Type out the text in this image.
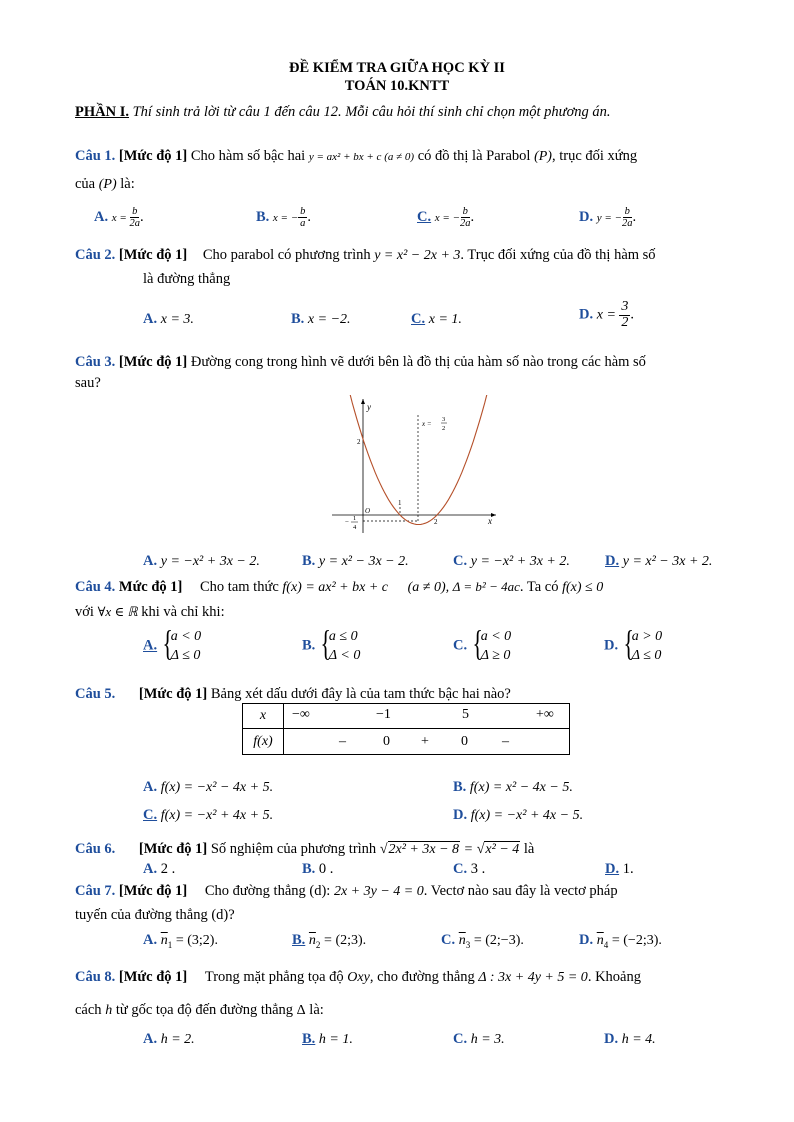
ĐỀ KIỂM TRA GIỮA HỌC KỲ II
TOÁN 10.KNTT
PHẦN I. Thí sinh trả lời từ câu 1 đến câu 12. Mỗi câu hỏi thí sinh chỉ chọn một phương án.
Câu 1. [Mức độ 1] Cho hàm số bậc hai y = ax² + bx + c (a ≠ 0) có đồ thị là Parabol (P), trục đối xứng
của (P) là:
A. $x = \frac{b}{2a}$ .	B. x = − $\frac{b}{a}$ .	C. x = − $\frac{b}{2a}$ .	D. y = − $\frac{b}{2a}$ .
Câu 2. [Mức độ 1] Cho parabol có phương trình y = x² − 2x + 3. Trục đối xứng của đồ thị hàm số
là đường thẳng
A. x = 3.	B. x = −2.	C. x = 1.	D. $x = \frac{3}{2}$ .
Câu 3. [Mức độ 1] Đường cong trong hình vẽ dưới bên là đồ thị của hàm số nào trong các hàm số
sau?
y
x
O
2
1
2
− 1
4
x =
3
2
A. y = −x² + 3x − 2.	B. y = x² − 3x − 2.	C. y = −x² + 3x + 2. D. y = x² − 3x + 2.
Câu 4. Mức độ 1] Cho tam thức f(x) = ax² + bx + c (a ≠ 0), Δ = b² − 4ac. Ta có f(x) ≤ 0
với ∀x ∈ ℝ khi và chỉ khi:
A.
{ a < 0
Δ ≤ 0
B.
{ a ≤ 0
Δ < 0
C.
{ a < 0
Δ ≥ 0
D.
{ a > 0
Δ ≤ 0
Câu 5. [Mức độ 1] Bảng xét dấu dưới đây là của tam thức bậc hai nào?
x	−∞ −1 5 +∞

f(x)	– 0 + 0 –
A. f(x) = −x² − 4x + 5.	B. f(x) = x² − 4x − 5.
C. f(x) = −x² + 4x + 5.	D. f(x) = −x² + 4x − 5.
Câu 6. [Mức độ 1] Số nghiệm của phương trình √2x² + 3x − 8 = √x² − 4 là
A. 2 .	B. 0 .	C. 3 .	D. 1.
Câu 7. [Mức độ 1] Cho đường thẳng (d): 2x + 3y − 4 = 0. Vectơ nào sau đây là vectơ pháp
tuyến của đường thẳng (d)?
A. $\overline{n}_1$ = (3;2).	B. $\overline{n}_2$ = (2;3).	C. $\overline{n}_3$ = (2;−3).	D. $\overline{n}_4$ = (−2;3).
Câu 8. [Mức độ 1] Trong mặt phẳng tọa độ Oxy, cho đường thẳng Δ : 3x + 4y + 5 = 0. Khoảng
cách h từ gốc tọa độ đến đường thẳng Δ là:
A. h = 2.	B. h = 1.	C. h = 3.	D. h = 4.
